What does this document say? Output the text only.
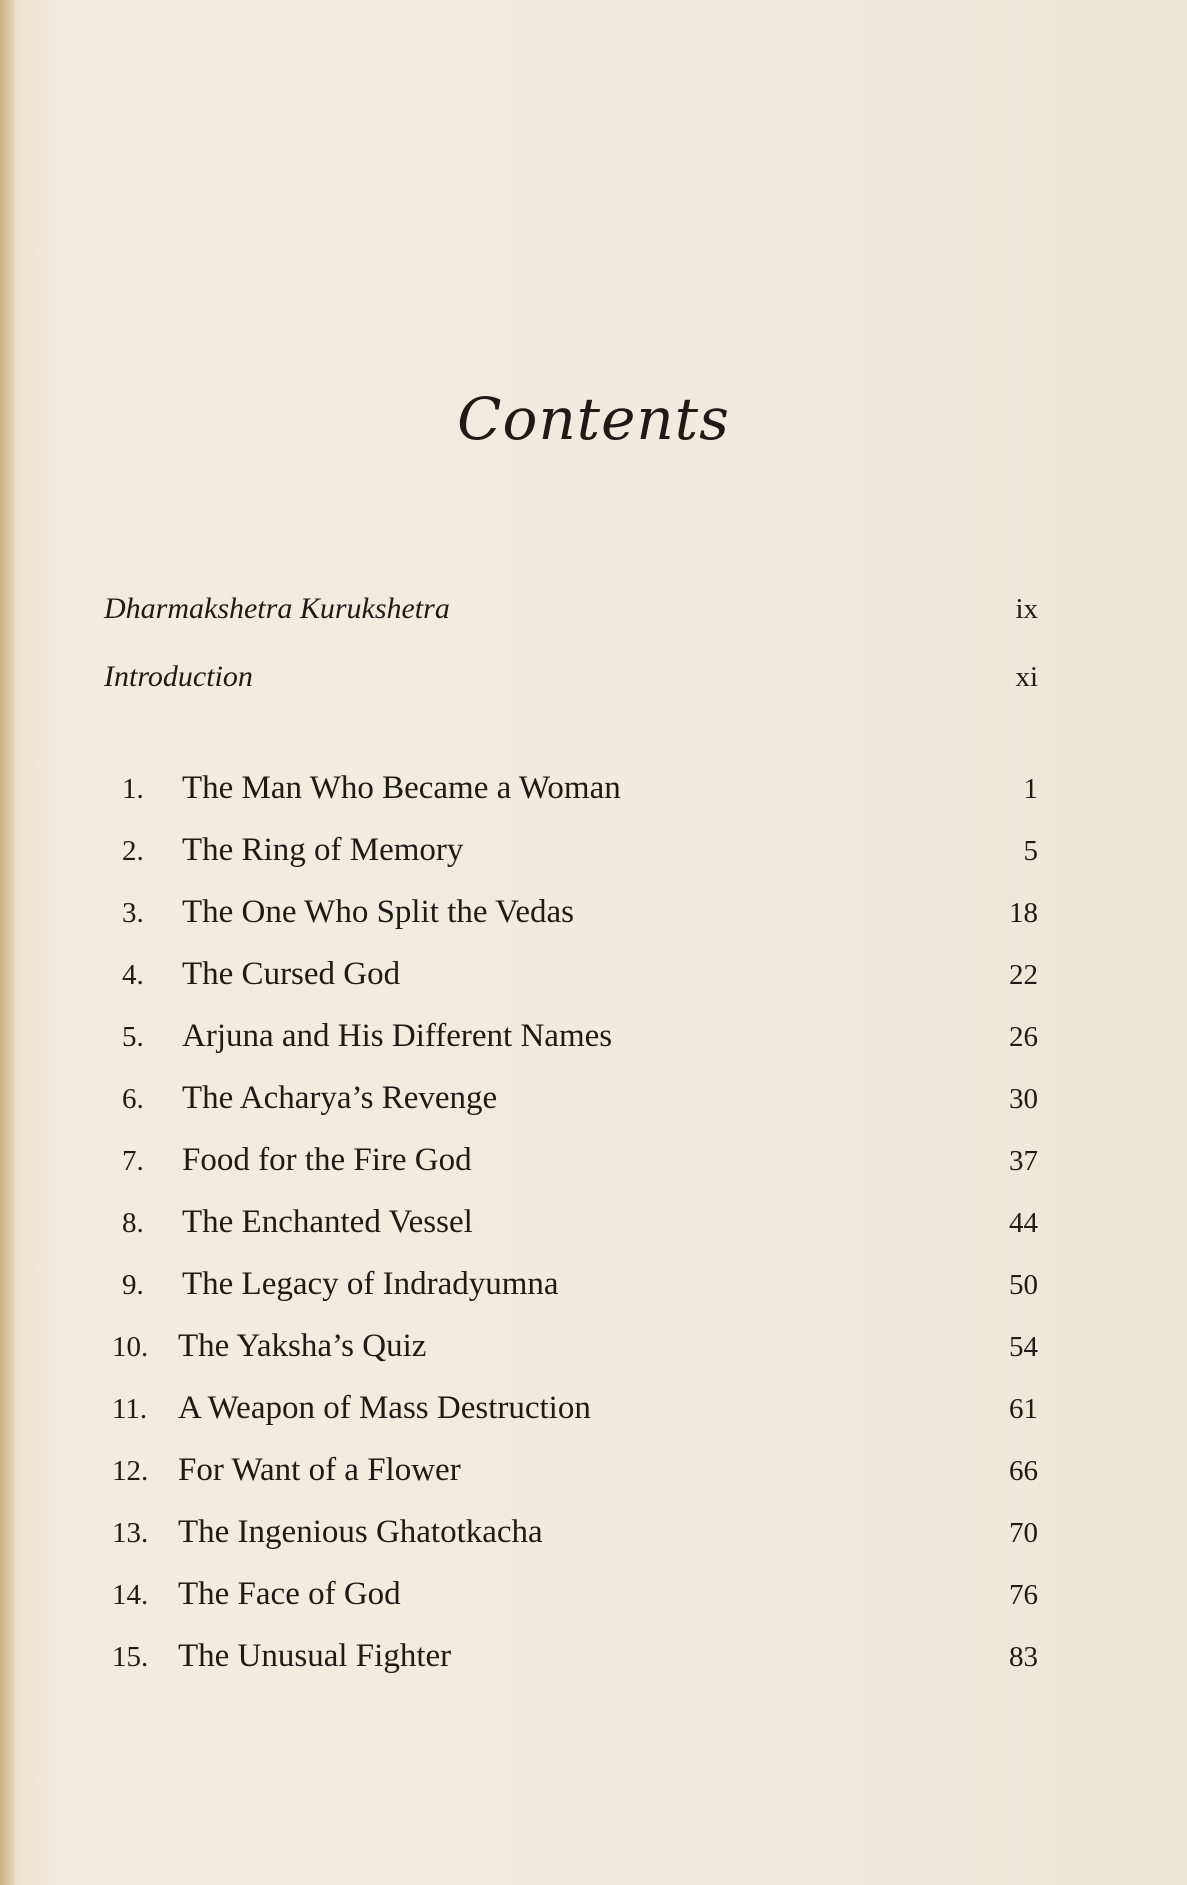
Contents
Dharmakshetra Kurukshetra	ix
Introduction	xi
1.	The Man Who Became a Woman	1
2.	The Ring of Memory	5
3.	The One Who Split the Vedas	18
4.	The Cursed God	22
5.	Arjuna and His Different Names	26
6.	The Acharya’s Revenge	30
7.	Food for the Fire God	37
8.	The Enchanted Vessel	44
9.	The Legacy of Indradyumna	50
10. The Yaksha’s Quiz	54
11. A Weapon of Mass Destruction	61
12. For Want of a Flower	66
13. The Ingenious Ghatotkacha	70
14. The Face of God	76
15. The Unusual Fighter	83
